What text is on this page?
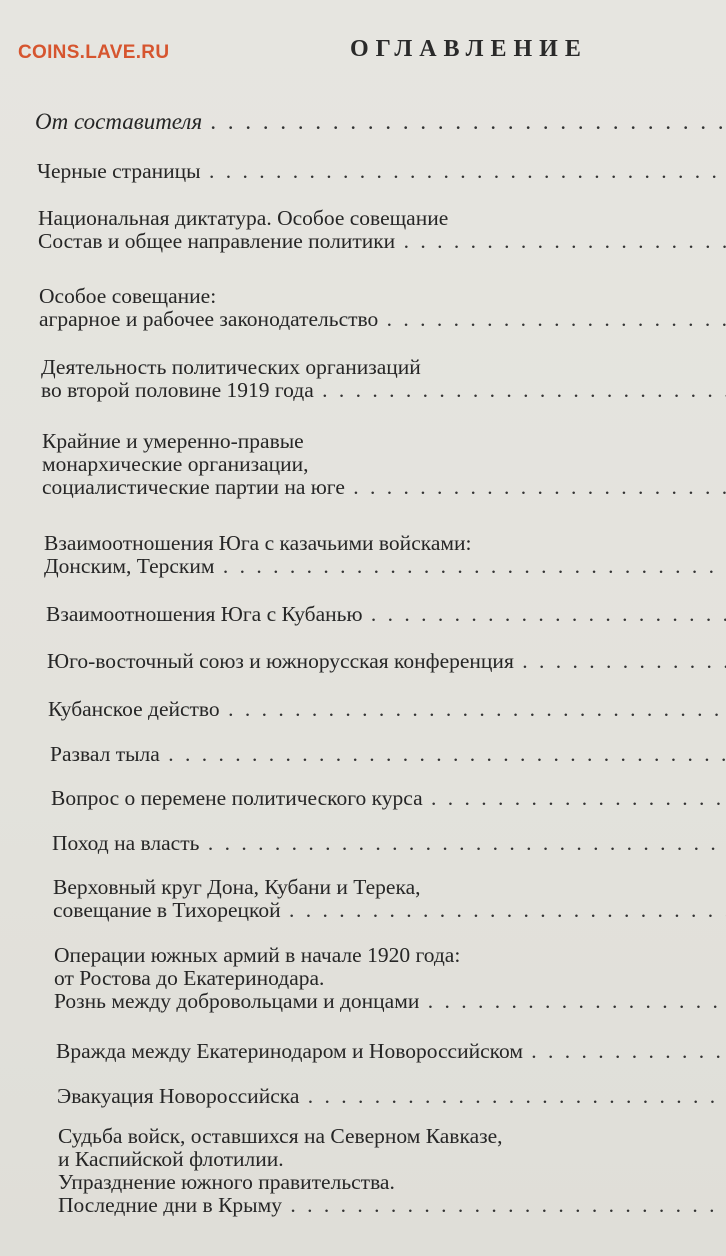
COINS.LAVE.RU	ОГЛАВЛЕНИЕ
От составителя . . .
Черные страницы . . .
Национальная диктатура. Особое совещание
Состав и общее направление политики . . .
Особое совещание:
аграрное и рабочее законодательство . . .
Деятельность политических организаций
во второй половине 1919 года . . .
Крайние и умеренно-правые
монархические организации,
социалистические партии на юге . . .
Взаимоотношения Юга с казачьими войсками:
Донским, Терским . . .
Взаимоотношения Юга с Кубанью . . .
Юго-восточный союз и южнорусская конференция . . .
Кубанское действо . . .
Развал тыла . . .
Вопрос о перемене политического курса . . .
Поход на власть . . .
Верховный круг Дона, Кубани и Терека,
совещание в Тихорецкой . . .
Операции южных армий в начале 1920 года:
от Ростова до Екатеринодара.
Рознь между добровольцами и донцами . . .
Вражда между Екатеринодаром и Новороссийском . . .
Эвакуация Новороссийска . . .
Судьба войск, оставшихся на Северном Кавказе,
и Каспийской флотилии.
Упразднение южного правительства.
Последние дни в Крыму . . .
